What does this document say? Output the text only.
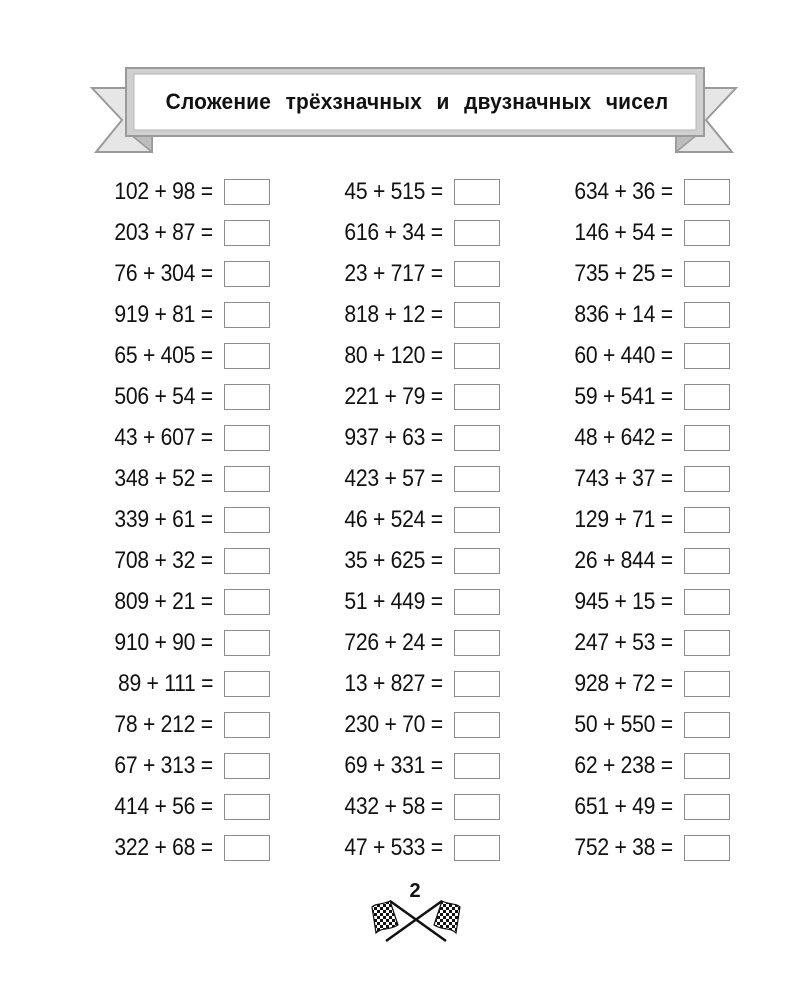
Сложение трёхзначных и двузначных чисел
102 + 98 =
203 + 87 =
76 + 304 =
919 + 81 =
65 + 405 =
506 + 54 =
43 + 607 =
348 + 52 =
339 + 61 =
708 + 32 =
809 + 21 =
910 + 90 =
89 + 111 =
78 + 212 =
67 + 313 =
414 + 56 =
322 + 68 =
45 + 515 =
616 + 34 =
23 + 717 =
818 + 12 =
80 + 120 =
221 + 79 =
937 + 63 =
423 + 57 =
46 + 524 =
35 + 625 =
51 + 449 =
726 + 24 =
13 + 827 =
230 + 70 =
69 + 331 =
432 + 58 =
47 + 533 =
634 + 36 =
146 + 54 =
735 + 25 =
836 + 14 =
60 + 440 =
59 + 541 =
48 + 642 =
743 + 37 =
129 + 71 =
26 + 844 =
945 + 15 =
247 + 53 =
928 + 72 =
50 + 550 =
62 + 238 =
651 + 49 =
752 + 38 =
2
